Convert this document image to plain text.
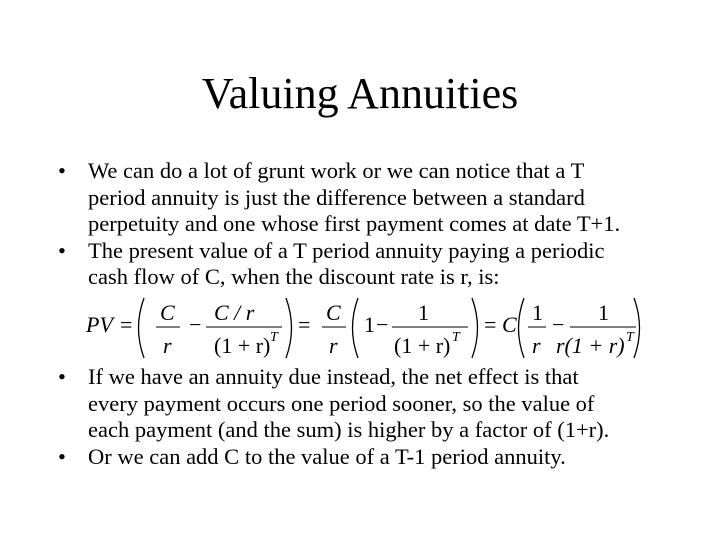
Valuing Annuities
• We can do a lot of grunt work or we can notice that a T
period annuity is just the difference between a standard
perpetuity and one whose first payment comes at date T+1.
• The present value of a T period annuity paying a periodic
cash flow of C, when the discount rate is r, is:
PV = C
r
− C / r
(1 + r) T
= C
r
1 − 1
(1 + r) T
= C 1
r
− 1
r(1 + r) T
• If we have an annuity due instead, the net effect is that
every payment occurs one period sooner, so the value of
each payment (and the sum) is higher by a factor of (1+r).
• Or we can add C to the value of a T-1 period annuity.
